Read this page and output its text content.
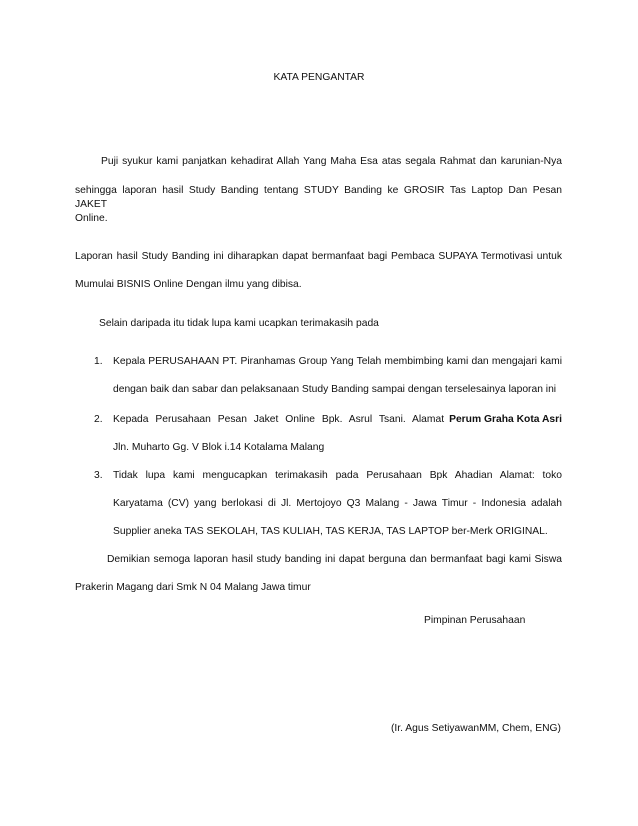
KATA PENGANTAR
Puji syukur kami panjatkan kehadirat Allah Yang Maha Esa atas segala Rahmat dan karunian-Nya
sehingga laporan hasil Study Banding tentang STUDY Banding ke GROSIR Tas Laptop Dan Pesan JAKET
Online.
Laporan hasil Study Banding ini diharapkan dapat bermanfaat bagi Pembaca SUPAYA Termotivasi untuk
Mumulai BISNIS Online Dengan ilmu yang dibisa.
Selain daripada itu tidak lupa kami ucapkan terimakasih pada
1. Kepala PERUSAHAAN PT. Piranhamas Group Yang Telah membimbing kami dan mengajari kami
dengan baik dan sabar dan pelaksanaan Study Banding sampai dengan terselesainya laporan ini
2. Kepada Perusahaan Pesan Jaket Online Bpk. Asrul Tsani. Alamat Perum Graha Kota Asri
Jln. Muharto Gg. V Blok i.14 Kotalama Malang
3. Tidak lupa kami mengucapkan terimakasih pada Perusahaan Bpk Ahadian Alamat: toko
Karyatama (CV) yang berlokasi di Jl. Mertojoyo Q3 Malang - Jawa Timur - Indonesia adalah
Supplier aneka TAS SEKOLAH, TAS KULIAH, TAS KERJA, TAS LAPTOP ber-Merk ORIGINAL.
Demikian semoga laporan hasil study banding ini dapat berguna dan bermanfaat bagi kami Siswa
Prakerin Magang dari Smk N 04 Malang Jawa timur
Pimpinan Perusahaan
(Ir. Agus SetiyawanMM, Chem, ENG)
